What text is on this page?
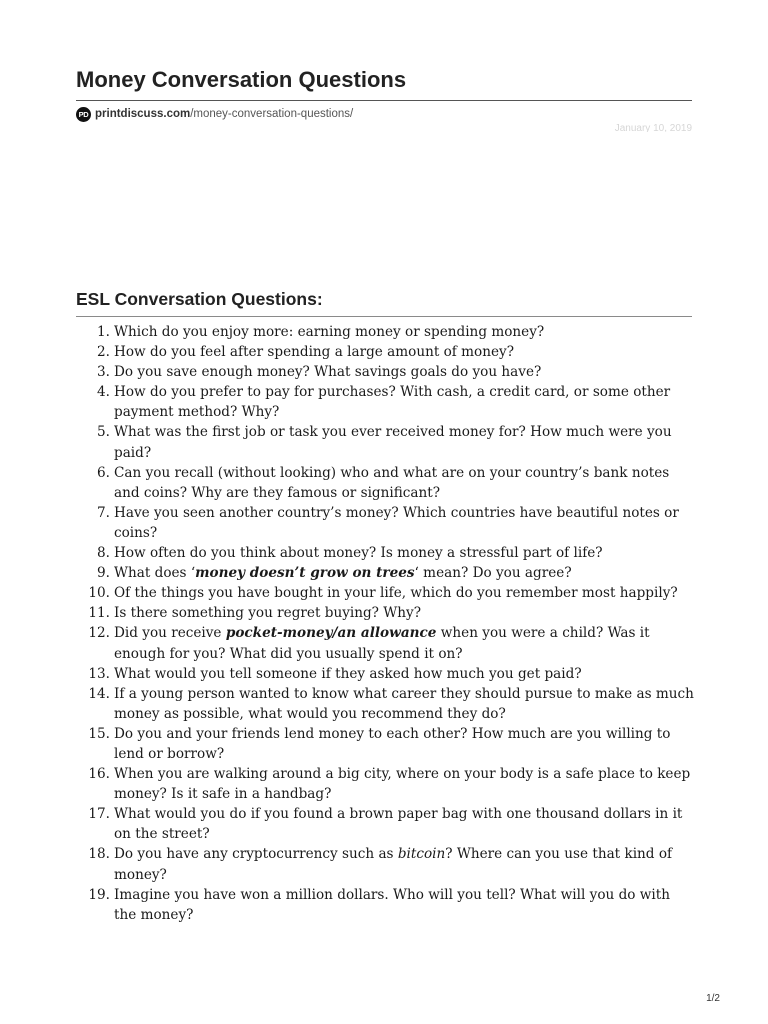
Money Conversation Questions
PD printdiscuss.com /money-conversation-questions/
January 10, 2019
ESL Conversation Questions:
1. Which do you enjoy more: earning money or spending money?
2. How do you feel after spending a large amount of money?
3. Do you save enough money? What savings goals do you have?
4. How do you prefer to pay for purchases? With cash, a credit card, or some other payment method? Why?
5. What was the first job or task you ever received money for? How much were you paid?
6. Can you recall (without looking) who and what are on your country’s bank notes and coins? Why are they famous or significant?
7. Have you seen another country’s money? Which countries have beautiful notes or coins?
8. How often do you think about money? Is money a stressful part of life?
9. What does ‘money doesn’t grow on trees‘ mean? Do you agree?
10. Of the things you have bought in your life, which do you remember most happily?
11. Is there something you regret buying? Why?
12. Did you receive pocket-money/an allowance when you were a child? Was it enough for you? What did you usually spend it on?
13. What would you tell someone if they asked how much you get paid?
14. If a young person wanted to know what career they should pursue to make as much money as possible, what would you recommend they do?
15. Do you and your friends lend money to each other? How much are you willing to lend or borrow?
16. When you are walking around a big city, where on your body is a safe place to keep money? Is it safe in a handbag?
17. What would you do if you found a brown paper bag with one thousand dollars in it on the street?
18. Do you have any cryptocurrency such as bitcoin? Where can you use that kind of money?
19. Imagine you have won a million dollars. Who will you tell? What will you do with the money?
1/2
